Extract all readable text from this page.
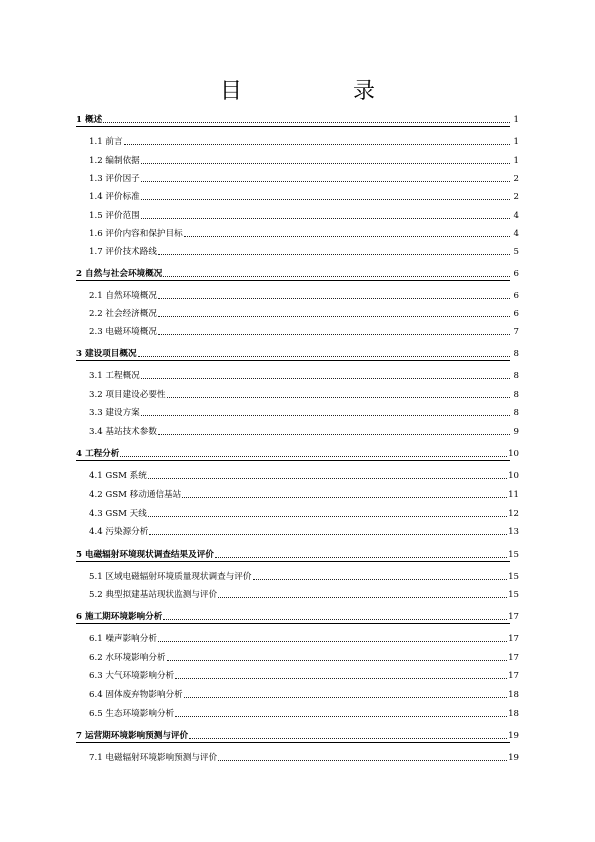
目 录
1 概述	1
1.1 前言	1
1.2 编制依据	1
1.3 评价因子	2
1.4 评价标准	2
1.5 评价范围	4
1.6 评价内容和保护目标	4
1.7 评价技术路线	5
2 自然与社会环境概况	6
2.1 自然环境概况	6
2.2 社会经济概况	6
2.3 电磁环境概况	7
3 建设项目概况	8
3.1 工程概况	8
3.2 项目建设必要性	8
3.3 建设方案	8
3.4 基站技术参数	9
4 工程分析	10
4.1 GSM 系统	10
4.2 GSM 移动通信基站	11
4.3 GSM 天线	12
4.4 污染源分析	13
5 电磁辐射环境现状调查结果及评价	15
5.1 区域电磁辐射环境质量现状调查与评价	15
5.2 典型拟建基站现状监测与评价	15
6 施工期环境影响分析	17
6.1 噪声影响分析	17
6.2 水环境影响分析	17
6.3 大气环境影响分析	17
6.4 固体废弃物影响分析	18
6.5 生态环境影响分析	18
7 运营期环境影响预测与评价	19
7.1 电磁辐射环境影响预测与评价	19
